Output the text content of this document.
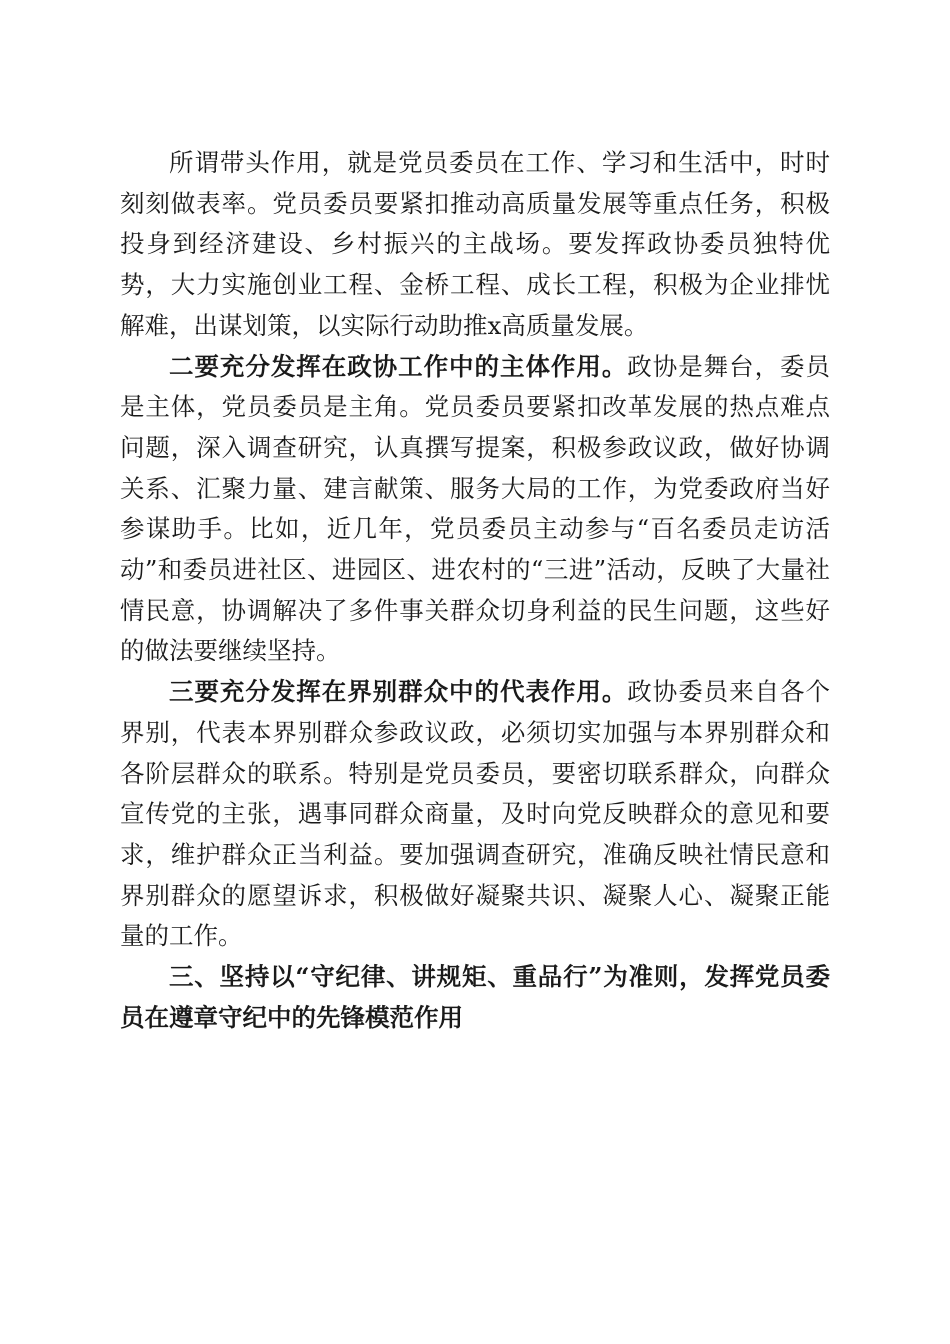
所谓带头作用，就是党员委员在工作、学习和生活中，时时刻刻做表率。党员委员要紧扣推动高质量发展等重点任务，积极投身到经济建设、乡村振兴的主战场。要发挥政协委员独特优势，大力实施创业工程、金桥工程、成长工程，积极为企业排忧解难，出谋划策，以实际行动助推x高质量发展。

二要充分发挥在政协工作中的主体作用。政协是舞台，委员是主体，党员委员是主角。党员委员要紧扣改革发展的热点难点问题，深入调查研究，认真撰写提案，积极参政议政，做好协调关系、汇聚力量、建言献策、服务大局的工作，为党委政府当好参谋助手。比如，近几年，党员委员主动参与“百名委员走访活动”和委员进社区、进园区、进农村的“三进”活动，反映了大量社情民意，协调解决了多件事关群众切身利益的民生问题，这些好的做法要继续坚持。

三要充分发挥在界别群众中的代表作用。政协委员来自各个界别，代表本界别群众参政议政，必须切实加强与本界别群众和各阶层群众的联系。特别是党员委员，要密切联系群众，向群众宣传党的主张，遇事同群众商量，及时向党反映群众的意见和要求，维护群众正当利益。要加强调查研究，准确反映社情民意和界别群众的愿望诉求，积极做好凝聚共识、凝聚人心、凝聚正能量的工作。

三、坚持以“守纪律、讲规矩、重品行”为准则，发挥党员委员在遵章守纪中的先锋模范作用
